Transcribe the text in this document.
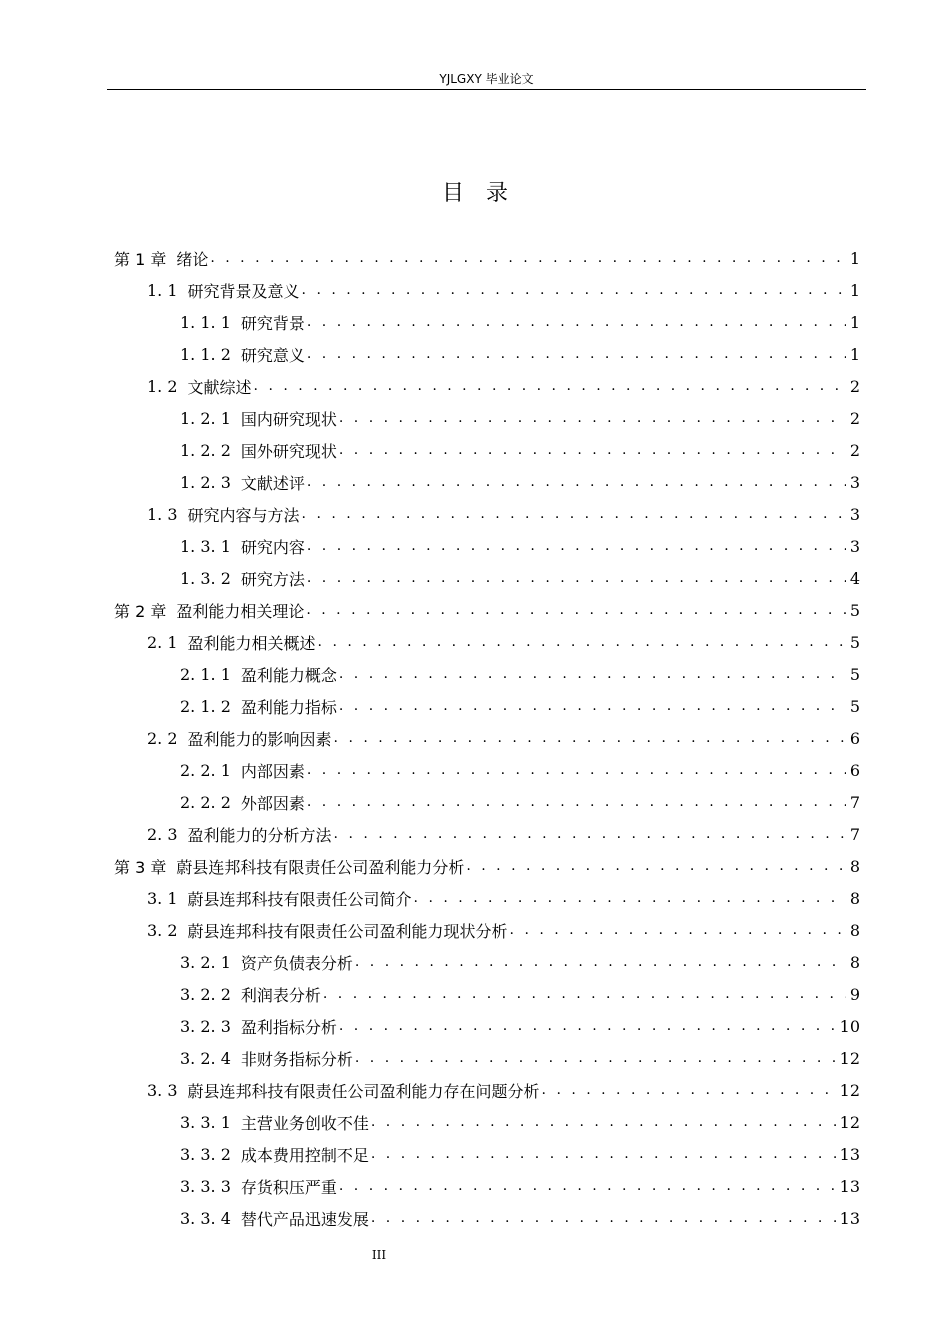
YJLGXY 毕业论文
目录
第 1 章 绪论 . . .	1
1. 1 研究背景及意义 . . .	1
1. 1. 1 研究背景 . . .	1
1. 1. 2 研究意义 . . .	1
1. 2 文献综述 . . .	2
1. 2. 1 国内研究现状 . . .	2
1. 2. 2 国外研究现状 . . .	2
1. 2. 3 文献述评 . . .	3
1. 3 研究内容与方法 . . .	3
1. 3. 1 研究内容 . . .	3
1. 3. 2 研究方法 . . .	4
第 2 章 盈利能力相关理论 . . .	5
2. 1 盈利能力相关概述 . . .	5
2. 1. 1 盈利能力概念 . . .	5
2. 1. 2 盈利能力指标 . . .	5
2. 2 盈利能力的影响因素 . . .	6
2. 2. 1 内部因素 . . .	6
2. 2. 2 外部因素 . . .	7
2. 3 盈利能力的分析方法 . . .	7
第 3 章 蔚县连邦科技有限责任公司盈利能力分析 . . .	8
3. 1 蔚县连邦科技有限责任公司简介 . . .	8
3. 2 蔚县连邦科技有限责任公司盈利能力现状分析 . . .	8
3. 2. 1 资产负债表分析 . . .	8
3. 2. 2 利润表分析 . . .	9
3. 2. 3 盈利指标分析 . . .	10
3. 2. 4 非财务指标分析 . . .	12
3. 3 蔚县连邦科技有限责任公司盈利能力存在问题分析 . . .	12
3. 3. 1 主营业务创收不佳 . . .	12
3. 3. 2 成本费用控制不足 . . .	13
3. 3. 3 存货积压严重 . . .	13
3. 3. 4 替代产品迅速发展 . . .	13
III
